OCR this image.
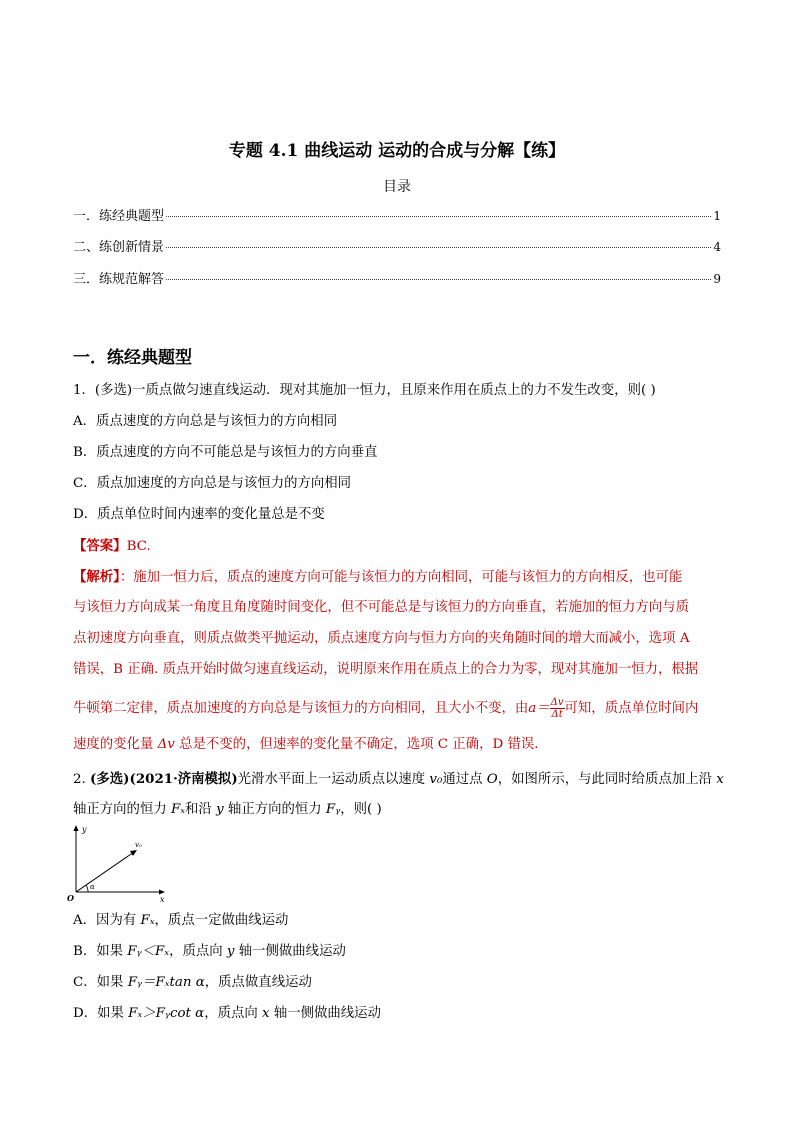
专题 4.1 曲线运动 运动的合成与分解【练】
目录
一．练经典题型	1
二、练创新情景	4
三．练规范解答	9
一．练经典题型
1．(多选)一质点做匀速直线运动．现对其施加一恒力，且原来作用在质点上的力不发生改变，则( )
A．质点速度的方向总是与该恒力的方向相同
B．质点速度的方向不可能总是与该恒力的方向垂直
C．质点加速度的方向总是与该恒力的方向相同
D．质点单位时间内速率的变化量总是不变
【答案】BC.
【解析】：施加一恒力后，质点的速度方向可能与该恒力的方向相同，可能与该恒力的方向相反，也可能
与该恒力方向成某一角度且角度随时间变化，但不可能总是与该恒力的方向垂直，若施加的恒力方向与质
点初速度方向垂直，则质点做类平抛运动，质点速度方向与恒力方向的夹角随时间的增大而减小，选项 A
错误，B 正确. 质点开始时做匀速直线运动，说明原来作用在质点上的合力为零，现对其施加一恒力，根据
牛顿第二定律，质点加速度的方向总是与该恒力的方向相同，且大小不变，由$a= \frac{\Delta v}{\Delta t}$ 可知，质点单位时间内
速度的变化量 Δv 总是不变的，但速率的变化量不确定，选项 C 正确，D 错误．
2. (多选)(2021·济南模拟)光滑水平面上一运动质点以速度 v₀通过点 O，如图所示，与此同时给质点加上沿 x
轴正方向的恒力 Fₓ和沿 y 轴正方向的恒力 Fᵧ，则( )
y
x
O
v₀
α
A．因为有 Fₓ，质点一定做曲线运动
B．如果 Fᵧ＜Fₓ，质点向 y 轴一侧做曲线运动
C．如果 Fᵧ＝Fₓtan α，质点做直线运动
D．如果 Fₓ＞Fᵧcot α，质点向 x 轴一侧做曲线运动
